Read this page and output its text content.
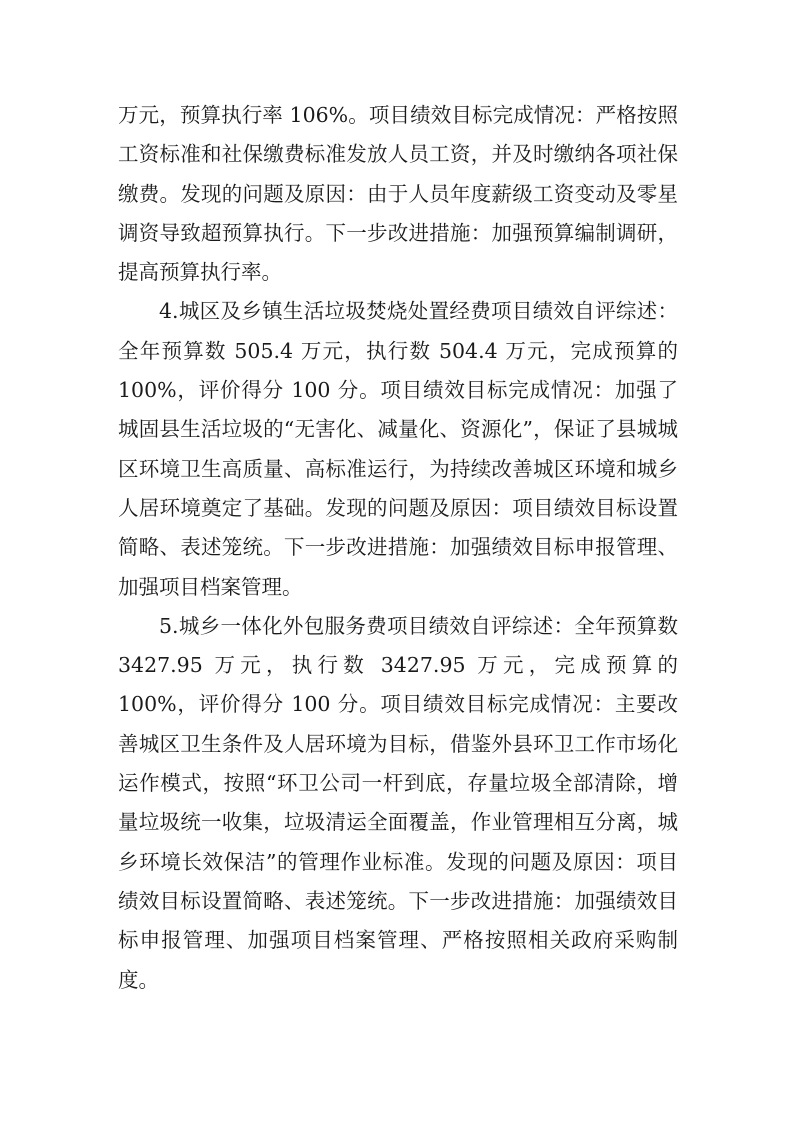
万元，预算执行率 106%。项目绩效目标完成情况：严格按照工资标准和社保缴费标准发放人员工资，并及时缴纳各项社保缴费。发现的问题及原因：由于人员年度薪级工资变动及零星调资导致超预算执行。下一步改进措施：加强预算编制调研，提高预算执行率。

4.城区及乡镇生活垃圾焚烧处置经费项目绩效自评综述：全年预算数 505.4 万元，执行数 504.4 万元，完成预算的 100%，评价得分 100 分。项目绩效目标完成情况：加强了城固县生活垃圾的“无害化、减量化、资源化”，保证了县城城区环境卫生高质量、高标准运行，为持续改善城区环境和城乡人居环境奠定了基础。发现的问题及原因：项目绩效目标设置简略、表述笼统。下一步改进措施：加强绩效目标申报管理、加强项目档案管理。

5.城乡一体化外包服务费项目绩效自评综述：全年预算数 3427.95 万元，执行数 3427.95 万元，完成预算的 100%，评价得分 100 分。项目绩效目标完成情况：主要改善城区卫生条件及人居环境为目标，借鉴外县环卫工作市场化运作模式，按照“环卫公司一杆到底，存量垃圾全部清除，增量垃圾统一收集，垃圾清运全面覆盖，作业管理相互分离，城乡环境长效保洁”的管理作业标准。发现的问题及原因：项目绩效目标设置简略、表述笼统。下一步改进措施：加强绩效目标申报管理、加强项目档案管理、严格按照相关政府采购制度。
